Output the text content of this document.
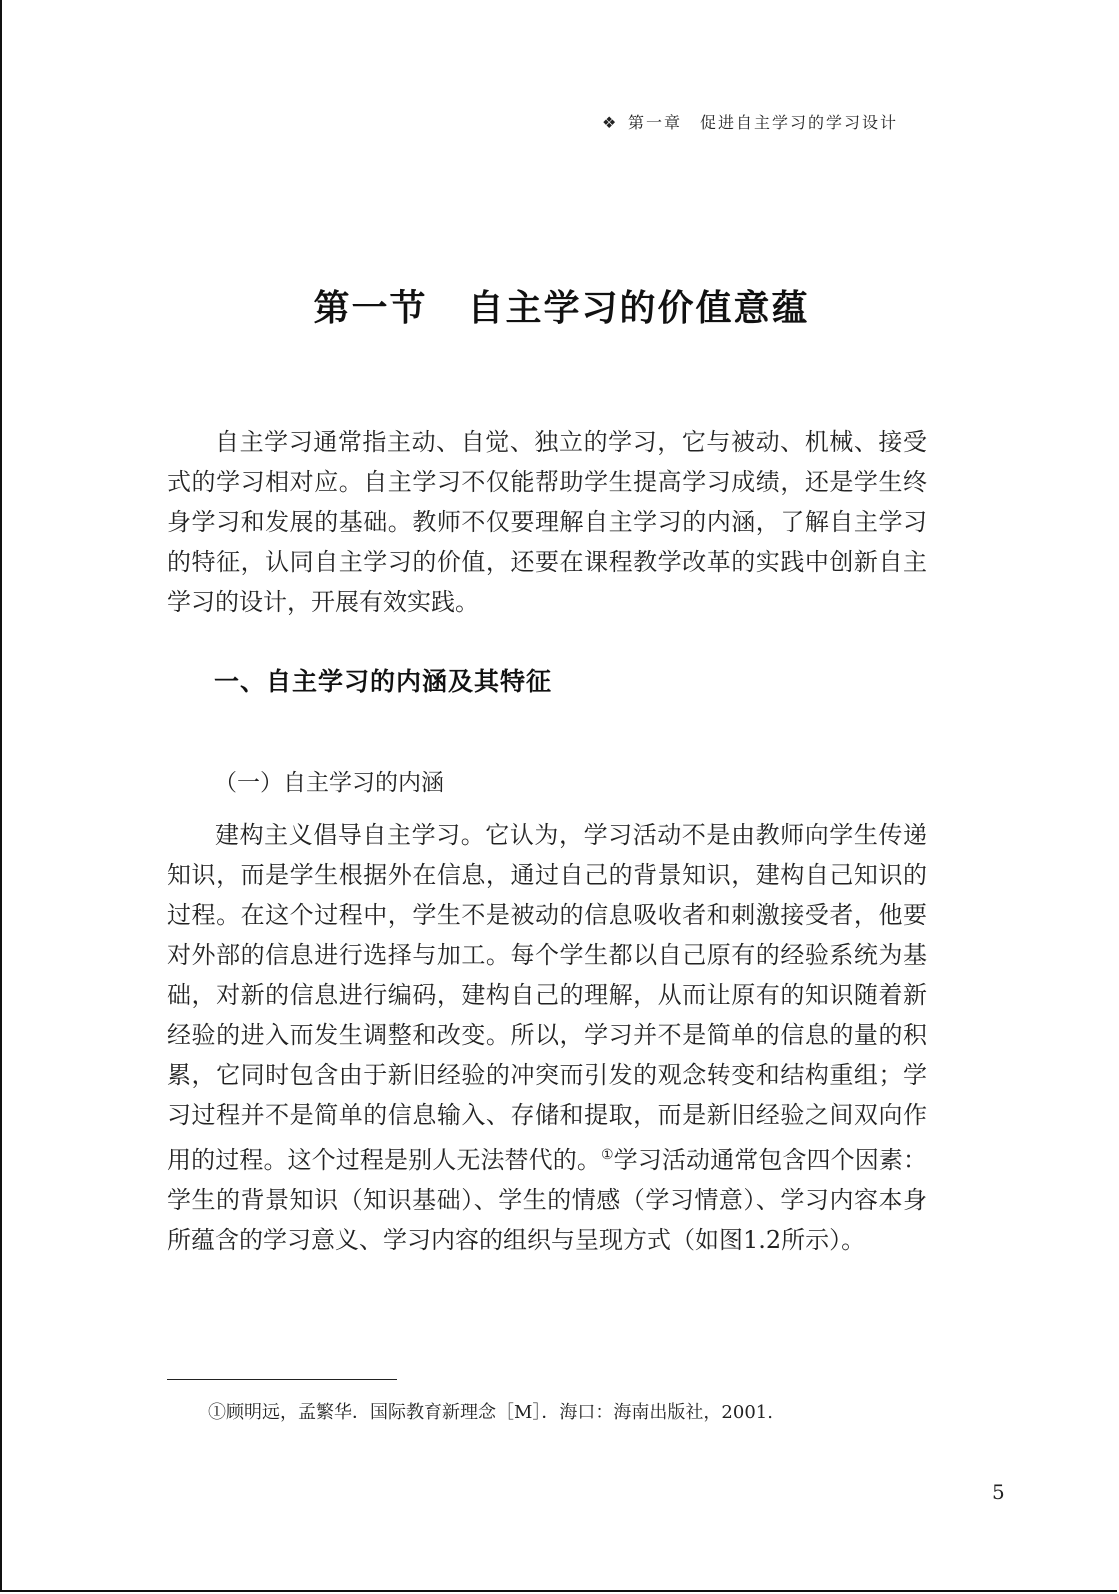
❖ 第一章　促进自主学习的学习设计
第一节 自主学习的价值意蕴

自主学习通常指主动、自觉、独立的学习，它与被动、机械、接受式的学习相对应。自主学习不仅能帮助学生提高学习成绩，还是学生终身学习和发展的基础。教师不仅要理解自主学习的内涵，了解自主学习的特征，认同自主学习的价值，还要在课程教学改革的实践中创新自主学习的设计，开展有效实践。

一、自主学习的内涵及其特征
（一）自主学习的内涵

建构主义倡导自主学习。它认为，学习活动不是由教师向学生传递知识，而是学生根据外在信息，通过自己的背景知识，建构自己知识的过程。在这个过程中，学生不是被动的信息吸收者和刺激接受者，他要对外部的信息进行选择与加工。每个学生都以自己原有的经验系统为基础，对新的信息进行编码，建构自己的理解，从而让原有的知识随着新经验的进入而发生调整和改变。所以，学习并不是简单的信息的量的积累，它同时包含由于新旧经验的冲突而引发的观念转变和结构重组；学习过程并不是简单的信息输入、存储和提取，而是新旧经验之间双向作用的过程。这个过程是别人无法替代的。①学习活动通常包含四个因素：学生的背景知识（知识基础）、学生的情感（学习情意）、学习内容本身所蕴含的学习意义、学习内容的组织与呈现方式（如图1.2所示）。

①顾明远，孟繁华．国际教育新理念［M］．海口：海南出版社，2001.
5
